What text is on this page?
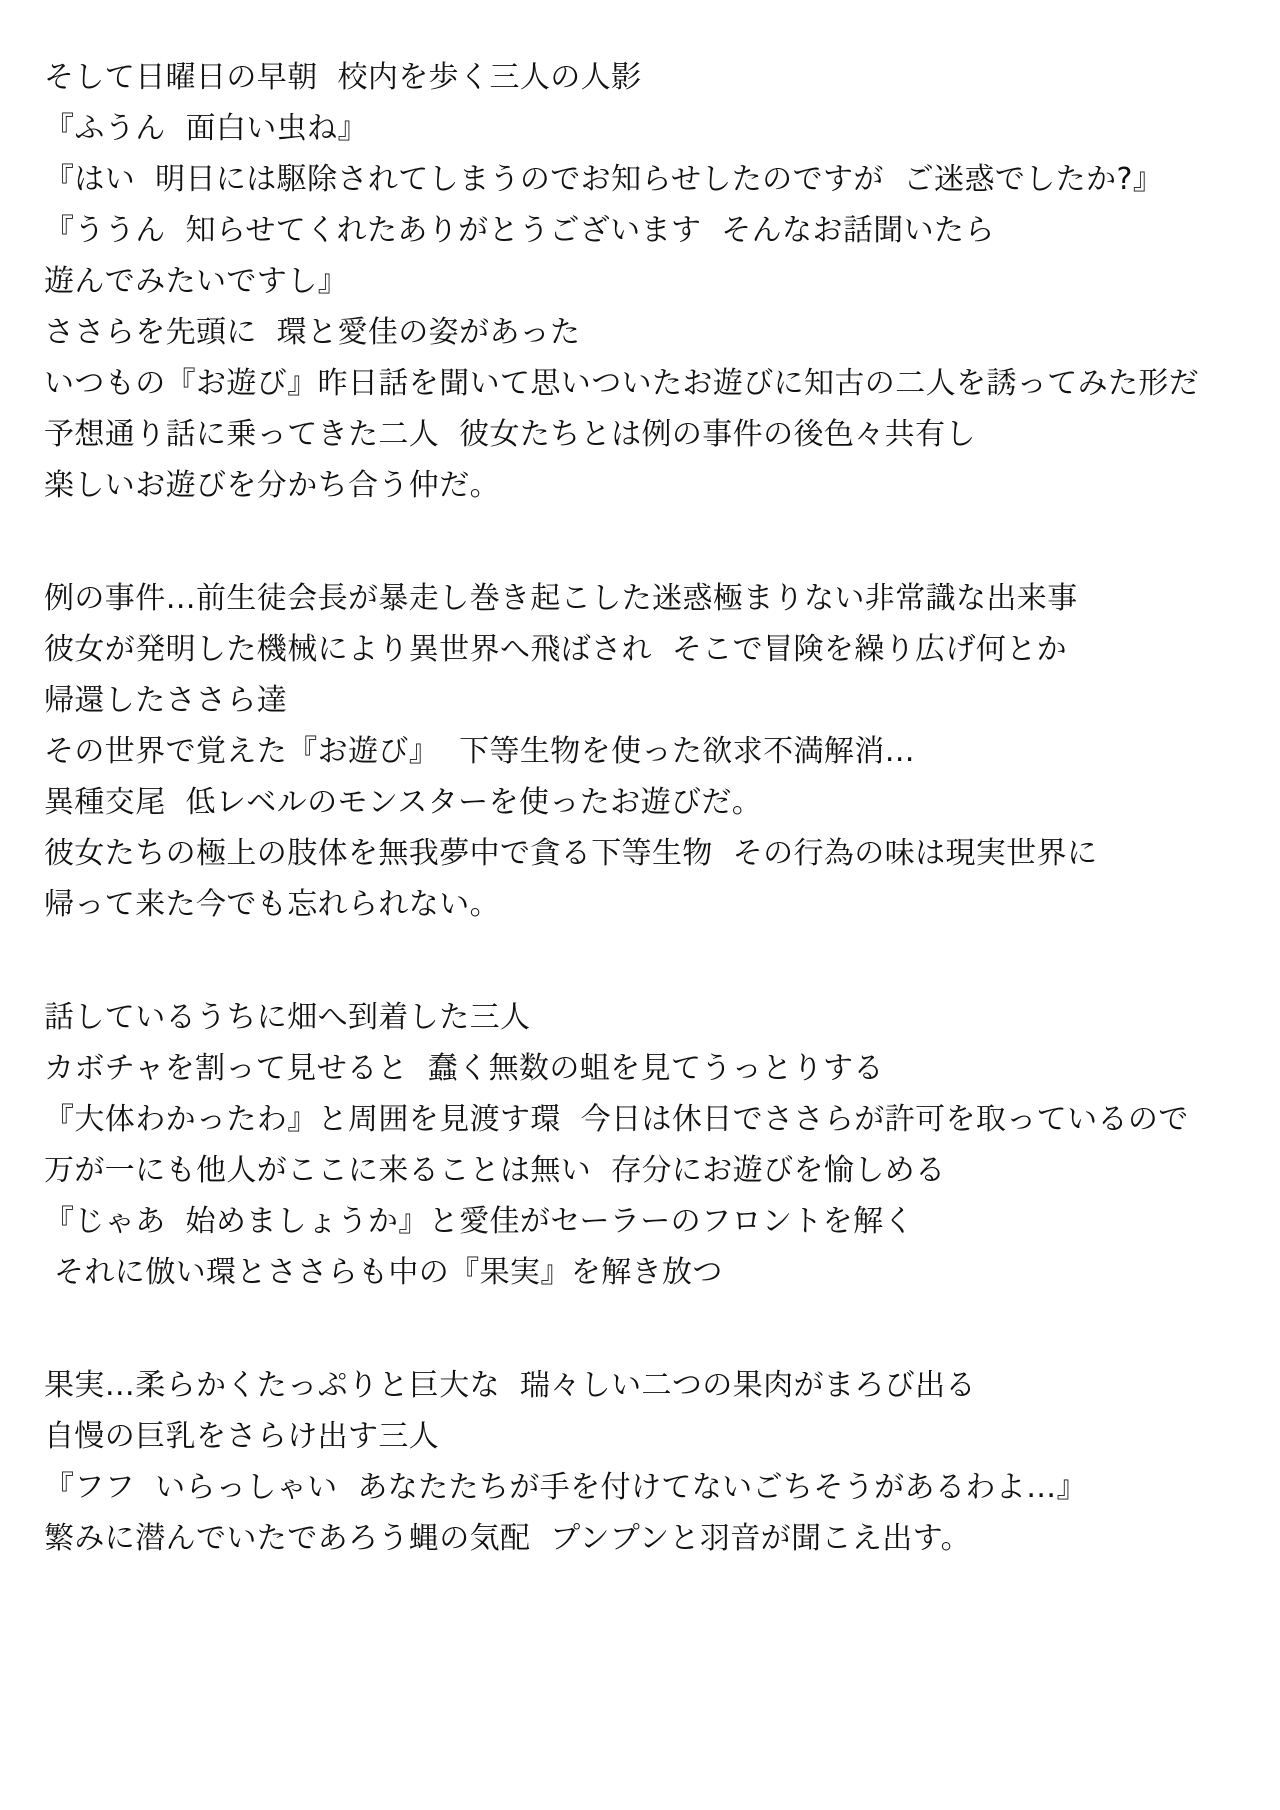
そして日曜日の早朝  校内を歩く三人の人影
『ふうん  面白い虫ね』
『はい  明日には駆除されてしまうのでお知らせしたのですが  ご迷惑でしたか?』
『ううん  知らせてくれたありがとうございます  そんなお話聞いたら
遊んでみたいですし』
ささらを先頭に  環と愛佳の姿があった
いつもの『お遊び』昨日話を聞いて思いついたお遊びに知古の二人を誘ってみた形だ
予想通り話に乗ってきた二人  彼女たちとは例の事件の後色々共有し
楽しいお遊びを分かち合う仲だ。
例の事件…前生徒会長が暴走し巻き起こした迷惑極まりない非常識な出来事
彼女が発明した機械により異世界へ飛ばされ  そこで冒険を繰り広げ何とか
帰還したささら達
その世界で覚えた『お遊び』  下等生物を使った欲求不満解消…
異種交尾  低レベルのモンスターを使ったお遊びだ。
彼女たちの極上の肢体を無我夢中で貪る下等生物  その行為の味は現実世界に
帰って来た今でも忘れられない。
話しているうちに畑へ到着した三人
カボチャを割って見せると  蠢く無数の蛆を見てうっとりする
『大体わかったわ』と周囲を見渡す環  今日は休日でささらが許可を取っているので
万が一にも他人がここに来ることは無い  存分にお遊びを愉しめる
『じゃあ  始めましょうか』と愛佳がセーラーのフロントを解く
それに倣い環とささらも中の『果実』を解き放つ
果実…柔らかくたっぷりと巨大な  瑞々しい二つの果肉がまろび出る
自慢の巨乳をさらけ出す三人
『フフ  いらっしゃい  あなたたちが手を付けてないごちそうがあるわよ…』
繁みに潜んでいたであろう蝿の気配  プンプンと羽音が聞こえ出す。
